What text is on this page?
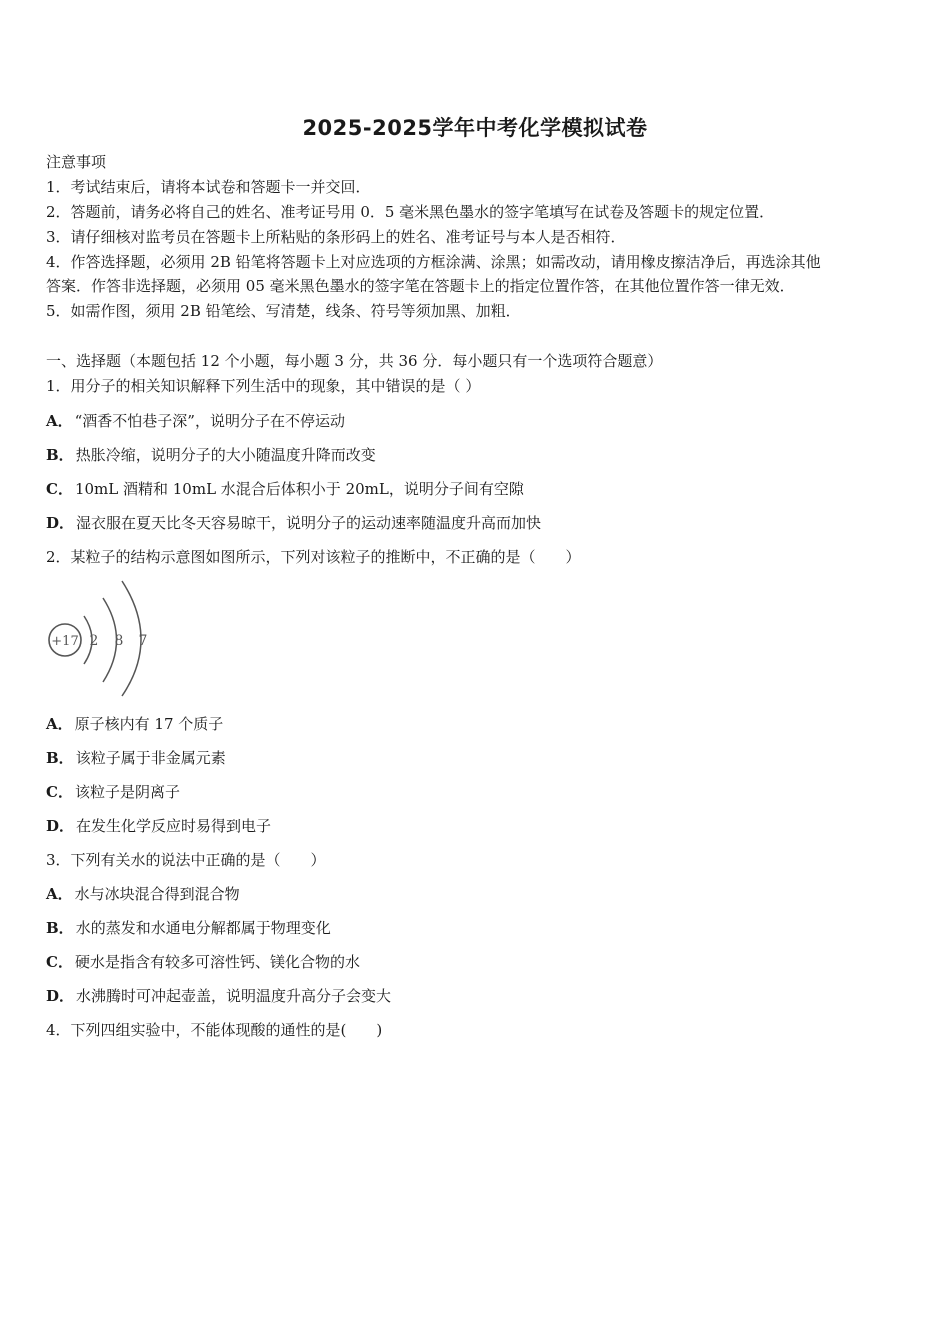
2025-2025学年中考化学模拟试卷
注意事项
1．考试结束后，请将本试卷和答题卡一并交回．
2．答题前，请务必将自己的姓名、准考证号用 0．5 毫米黑色墨水的签字笔填写在试卷及答题卡的规定位置．
3．请仔细核对监考员在答题卡上所粘贴的条形码上的姓名、准考证号与本人是否相符．
4．作答选择题，必须用 2B 铅笔将答题卡上对应选项的方框涂满、涂黑；如需改动，请用橡皮擦洁净后，再选涂其他
答案．作答非选择题，必须用 05 毫米黑色墨水的签字笔在答题卡上的指定位置作答，在其他位置作答一律无效．
5．如需作图，须用 2B 铅笔绘、写清楚，线条、符号等须加黑、加粗．
一、选择题（本题包括 12 个小题，每小题 3 分，共 36 分．每小题只有一个选项符合题意）
1．用分子的相关知识解释下列生活中的现象，其中错误的是（ ）
A． “酒香不怕巷子深”，说明分子在不停运动
B． 热胀冷缩，说明分子的大小随温度升降而改变
C． 10mL 酒精和 10mL 水混合后体积小于 20mL，说明分子间有空隙
D． 湿衣服在夏天比冬天容易晾干，说明分子的运动速率随温度升高而加快
2．某粒子的结构示意图如图所示，下列对该粒子的推断中，不正确的是（　　）
+17 2 8 7
A． 原子核内有 17 个质子
B． 该粒子属于非金属元素
C． 该粒子是阴离子
D． 在发生化学反应时易得到电子
3．下列有关水的说法中正确的是（　　）
A． 水与冰块混合得到混合物
B． 水的蒸发和水通电分解都属于物理变化
C． 硬水是指含有较多可溶性钙、镁化合物的水
D． 水沸腾时可冲起壶盖，说明温度升高分子会变大
4．下列四组实验中，不能体现酸的通性的是(　　)
